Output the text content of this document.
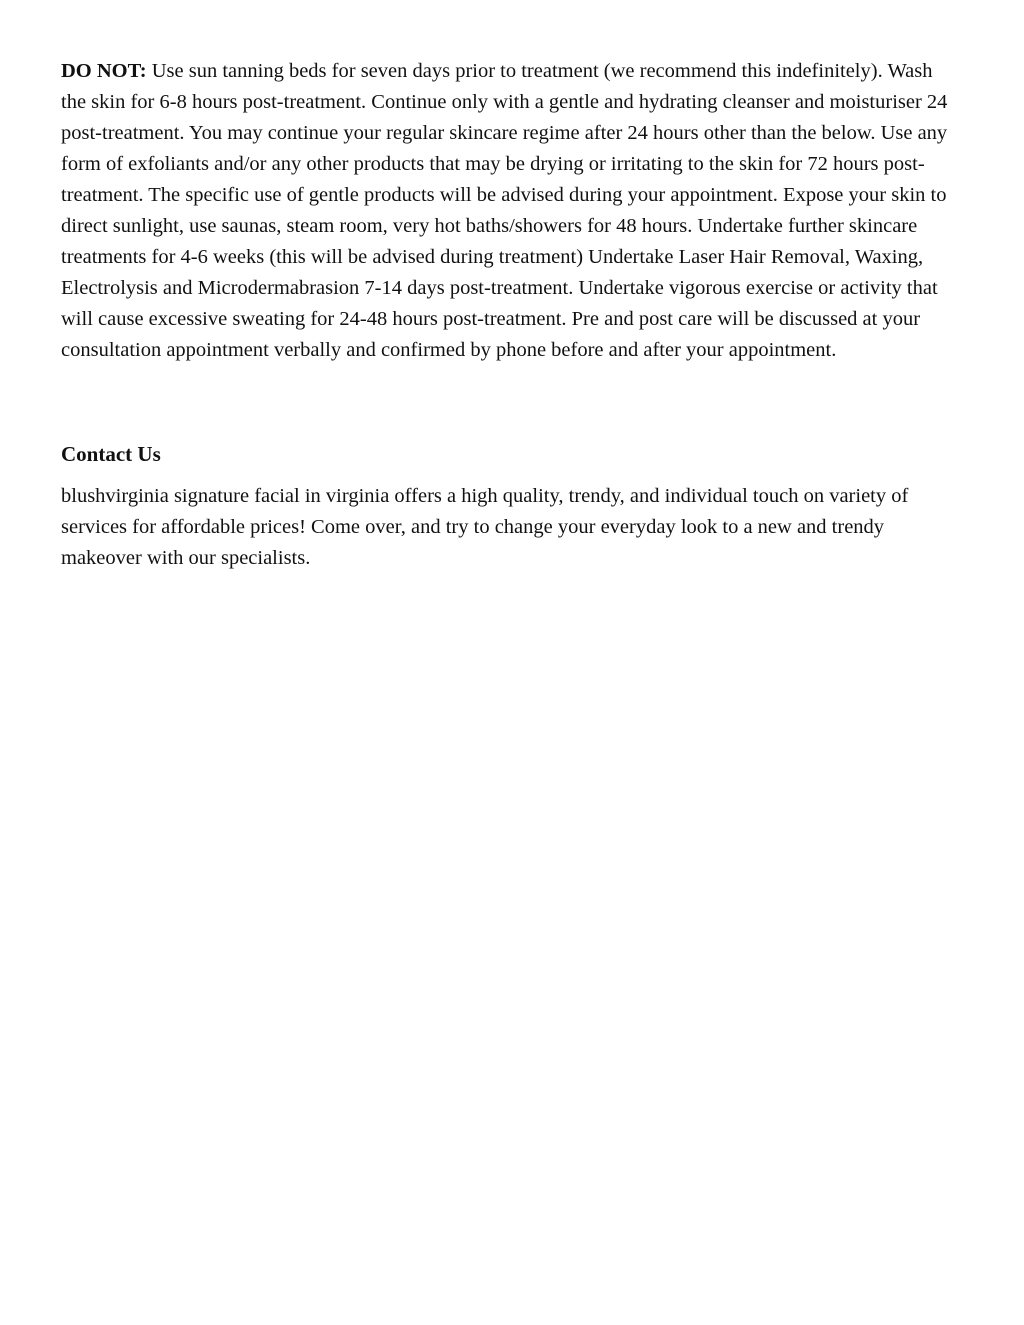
DO NOT: Use sun tanning beds for seven days prior to treatment (we recommend this indefinitely). Wash the skin for 6-8 hours post-treatment. Continue only with a gentle and hydrating cleanser and moisturiser 24 post-treatment. You may continue your regular skincare regime after 24 hours other than the below. Use any form of exfoliants and/or any other products that may be drying or irritating to the skin for 72 hours post-treatment. The specific use of gentle products will be advised during your appointment. Expose your skin to direct sunlight, use saunas, steam room, very hot baths/showers for 48 hours. Undertake further skincare treatments for 4-6 weeks (this will be advised during treatment) Undertake Laser Hair Removal, Waxing, Electrolysis and Microdermabrasion 7-14 days post-treatment. Undertake vigorous exercise or activity that will cause excessive sweating for 24-48 hours post-treatment. Pre and post care will be discussed at your consultation appointment verbally and confirmed by phone before and after your appointment.

Contact Us

blushvirginia signature facial in virginia offers a high quality, trendy, and individual touch on variety of services for affordable prices! Come over, and try to change your everyday look to a new and trendy makeover with our specialists.
